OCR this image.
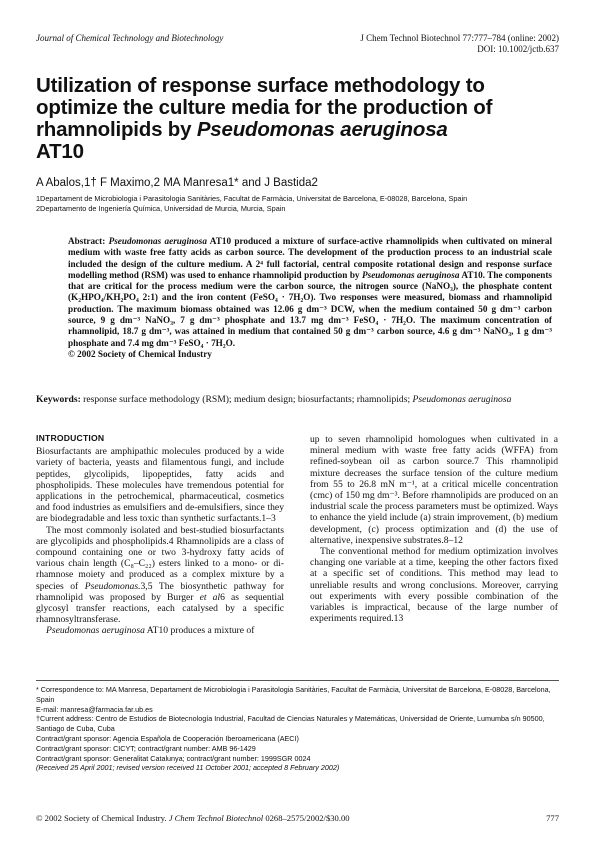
Journal of Chemical Technology and Biotechnology	J Chem Technol Biotechnol 77:777–784 (online: 2002)
DOI: 10.1002/jctb.637
Utilization of response surface methodology to optimize the culture media for the production of rhamnolipids by Pseudomonas aeruginosa
AT10
A Abalos,1† F Maximo,2 MA Manresa1* and J Bastida2
1Departament de Microbiologia i Parasitologia Sanitàries, Facultat de Farmàcia, Universitat de Barcelona, E-08028, Barcelona, Spain
2Departamento de Ingeniería Química, Universidad de Murcia, Murcia, Spain

Abstract: Pseudomonas aeruginosa AT10 produced a mixture of surface-active rhamnolipids when cultivated on mineral medium with waste free fatty acids as carbon source. The development of the production process to an industrial scale included the design of the culture medium. A 2⁴ full factorial, central composite rotational design and response surface modelling method (RSM) was used to enhance rhamnolipid production by Pseudomonas aeruginosa AT10. The components that are critical for the process medium were the carbon source, the nitrogen source (NaNO₃), the phosphate content (K₂HPO₄/KH₂PO₄ 2:1) and the iron content (FeSO₄ · 7H₂O). Two responses were measured, biomass and rhamnolipid production. The maximum biomass obtained was 12.06 g dm⁻³ DCW, when the medium contained 50 g dm⁻³ carbon source, 9 g dm⁻³ NaNO₃, 7 g dm⁻³ phosphate and 13.7 mg dm⁻³ FeSO₄ · 7H₂O. The maximum concentration of rhamnolipid, 18.7 g dm⁻³, was attained in medium that contained 50 g dm⁻³ carbon source, 4.6 g dm⁻³ NaNO₃, 1 g dm⁻³ phosphate and 7.4 mg dm⁻³ FeSO₄ · 7H₂O.

© 2002 Society of Chemical Industry

Keywords: response surface methodology (RSM); medium design; biosurfactants; rhamnolipids; Pseudomonas aeruginosa
INTRODUCTION

Biosurfactants are amphipathic molecules produced by a wide variety of bacteria, yeasts and filamentous fungi, and include peptides, glycolipids, lipopeptides, fatty acids and phospholipids. These molecules have tremendous potential for applications in the petrochemical, pharmaceutical, cosmetics and food industries as emulsifiers and de-emulsifiers, since they are biodegradable and less toxic than synthetic surfactants.1–3

The most commonly isolated and best-studied biosurfactants are glycolipids and phospholipids.4 Rhamnolipids are a class of compound containing one or two 3-hydroxy fatty acids of various chain length (C₈–C₂₂) esters linked to a mono- or di-rhamnose moiety and produced as a complex mixture by a species of Pseudomonas.3,5 The biosynthetic pathway for rhamnolipid was proposed by Burger et al6 as sequential glycosyl transfer reactions, each catalysed by a specific rhamnosyltransferase.

Pseudomonas aeruginosa AT10 produces a mixture of

up to seven rhamnolipid homologues when cultivated in a mineral medium with waste free fatty acids (WFFA) from refined-soybean oil as carbon source.7 This rhamnolipid mixture decreases the surface tension of the culture medium from 55 to 26.8 mN m⁻¹, at a critical micelle concentration (cmc) of 150 mg dm⁻³. Before rhamnolipids are produced on an industrial scale the process parameters must be optimized. Ways to enhance the yield include (a) strain improvement, (b) medium development, (c) process optimization and (d) the use of alternative, inexpensive substrates.8–12

The conventional method for medium optimization involves changing one variable at a time, keeping the other factors fixed at a specific set of conditions. This method may lead to unreliable results and wrong conclusions. Moreover, carrying out experiments with every possible combination of the variables is impractical, because of the large number of experiments required.13

* Correspondence to: MA Manresa, Departament de Microbiologia i Parasitologia Sanitàries, Facultat de Farmàcia, Universitat de Barcelona, E-08028, Barcelona, Spain

E-mail: manresa@farmacia.far.ub.es

†Current address: Centro de Estudios de Biotecnología Industrial, Facultad de Ciencias Naturales y Matemáticas, Universidad de Oriente, Lumumba s/n 90500, Santiago de Cuba, Cuba

Contract/grant sponsor: Agencia Española de Cooperación Iberoamericana (AECI)

Contract/grant sponsor: CICYT; contract/grant number: AMB 96-1429

Contract/grant sponsor: Generalitat Catalunya; contract/grant number: 1999SGR 0024

(Received 25 April 2001; revised version received 11 October 2001; accepted 8 February 2002)

© 2002 Society of Chemical Industry. J Chem Technol Biotechnol 0268–2575/2002/$30.00	777
